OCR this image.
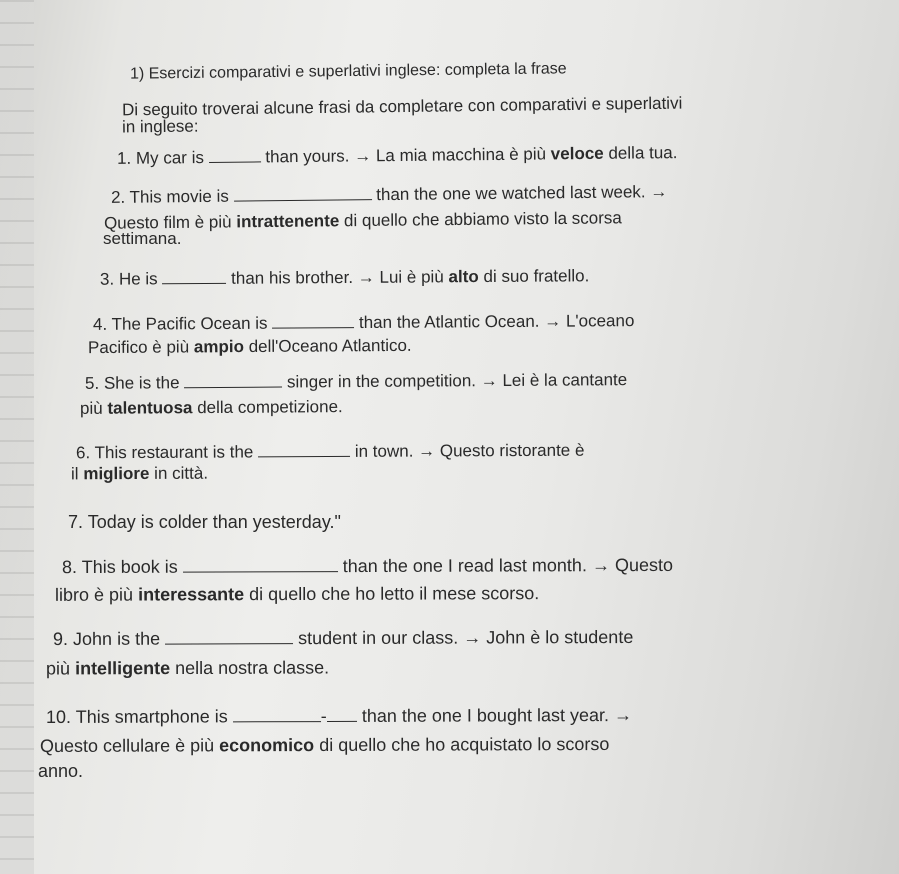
1) Esercizi comparativi e superlativi inglese: completa la frase
Di seguito troverai alcune frasi da completare con comparativi e superlativi
in inglese:
1. My car is	than yours. → La mia macchina è più veloce della tua.
2. This movie is	than the one we watched last week. →
Questo film è più intrattenente di quello che abbiamo visto la scorsa
settimana.
3. He is	than his brother. → Lui è più alto di suo fratello.
4. The Pacific Ocean is	than the Atlantic Ocean. → L'oceano
Pacifico è più ampio dell'Oceano Atlantico.
5. She is the	singer in the competition. → Lei è la cantante
più talentuosa della competizione.
6. This restaurant is the	in town. → Questo ristorante è
il migliore in città.
7. Today is colder than yesterday."
8. This book is	than the one I read last month. → Questo
libro è più interessante di quello che ho letto il mese scorso.
9. John is the	student in our class. → John è lo studente
più intelligente nella nostra classe.
10. This smartphone is	- than the one I bought last year. →
Questo cellulare è più economico di quello che ho acquistato lo scorso
anno.
